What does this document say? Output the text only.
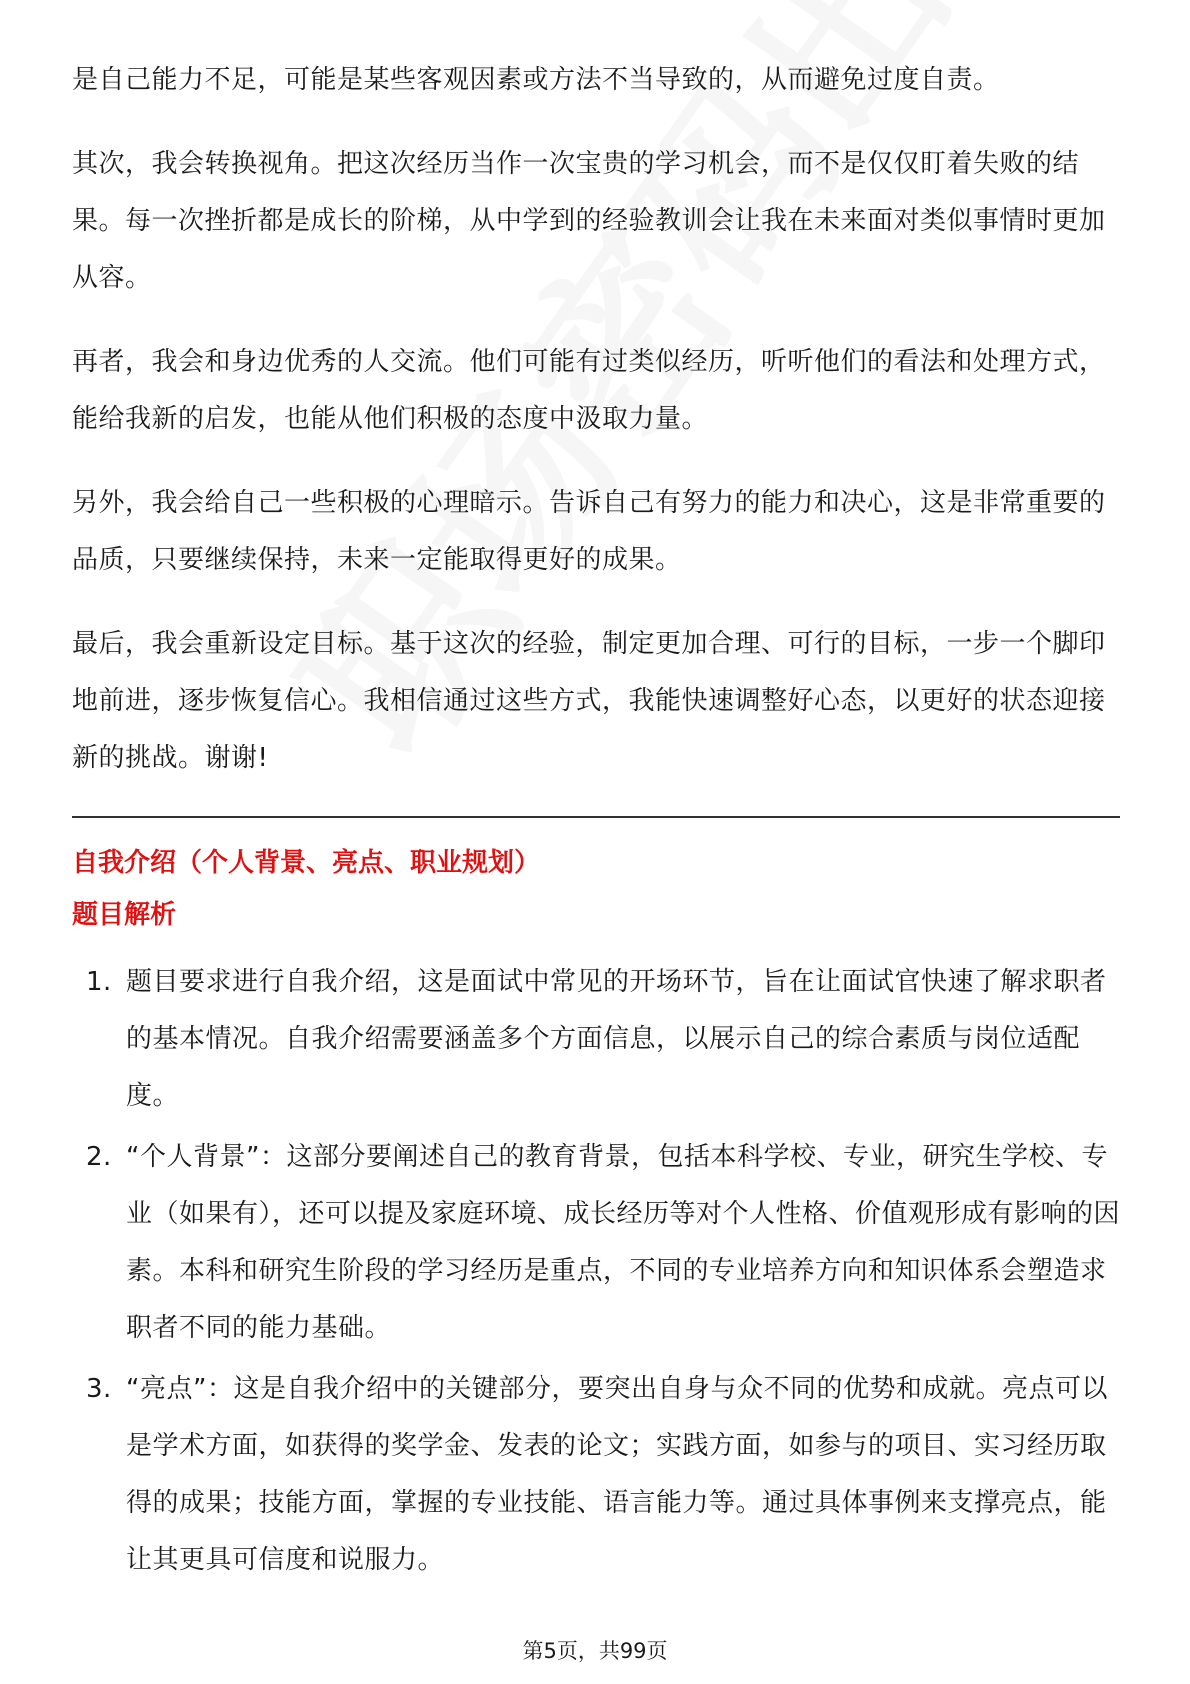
是自己能力不足，可能是某些客观因素或方法不当导致的，从而避免过度自责。

其次，我会转换视角。把这次经历当作一次宝贵的学习机会，而不是仅仅盯着失败的结果。每一次挫折都是成长的阶梯，从中学到的经验教训会让我在未来面对类似事情时更加从容。

再者，我会和身边优秀的人交流。他们可能有过类似经历，听听他们的看法和处理方式，能给我新的启发，也能从他们积极的态度中汲取力量。

另外，我会给自己一些积极的心理暗示。告诉自己有努力的能力和决心，这是非常重要的品质，只要继续保持，未来一定能取得更好的成果。

最后，我会重新设定目标。基于这次的经验，制定更加合理、可行的目标，一步一个脚印地前进，逐步恢复信心。我相信通过这些方式，我能快速调整好心态，以更好的状态迎接新的挑战。谢谢!

自我介绍（个人背景、亮点、职业规划）
题目解析
1. 题目要求进行自我介绍，这是面试中常见的开场环节，旨在让面试官快速了解求职者的基本情况。自我介绍需要涵盖多个方面信息，以展示自己的综合素质与岗位适配度。
2. “个人背景”：这部分要阐述自己的教育背景，包括本科学校、专业，研究生学校、专业（如果有），还可以提及家庭环境、成长经历等对个人性格、价值观形成有影响的因素。本科和研究生阶段的学习经历是重点，不同的专业培养方向和知识体系会塑造求职者不同的能力基础。
3. “亮点”：这是自我介绍中的关键部分，要突出自身与众不同的优势和成就。亮点可以是学术方面，如获得的奖学金、发表的论文；实践方面，如参与的项目、实习经历取得的成果；技能方面，掌握的专业技能、语言能力等。通过具体事例来支撑亮点，能让其更具可信度和说服力。
第5页，共99页
